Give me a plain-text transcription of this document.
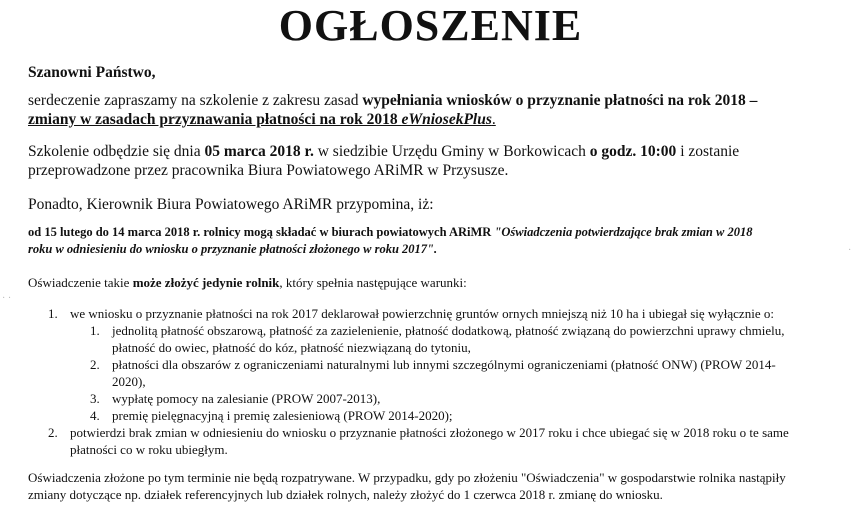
OGŁOSZENIE
Szanowni Państwo,
serdeczenie zapraszamy na szkolenie z zakresu zasad wypełniania wniosków o przyznanie płatności na rok 2018 –
zmiany w zasadach przyznawania płatności na rok 2018 eWniosekPlus.
Szkolenie odbędzie się dnia 05 marca 2018 r. w siedzibie Urzędu Gminy w Borkowicach o godz. 10:00 i zostanie
przeprowadzone przez pracownika Biura Powiatowego ARiMR w Przysusze.
Ponadto, Kierownik Biura Powiatowego ARiMR przypomina, iż:
od 15 lutego do 14 marca 2018 r. rolnicy mogą składać w biurach powiatowych ARiMR "Oświadczenia potwierdzające brak zmian w 2018
roku w odniesieniu do wniosku o przyznanie płatności złożonego w roku 2017".
Oświadczenie takie może złożyć jedynie rolnik, który spełnia następujące warunki:
1. we wniosku o przyznanie płatności na rok 2017 deklarował powierzchnię gruntów ornych mniejszą niż 10 ha i ubiegał się wyłącznie o:
1. jednolitą płatność obszarową, płatność za zazielenienie, płatność dodatkową, płatność związaną do powierzchni uprawy chmielu,
płatność do owiec, płatność do kóz, płatność niezwiązaną do tytoniu,
2. płatności dla obszarów z ograniczeniami naturalnymi lub innymi szczególnymi ograniczeniami (płatność ONW) (PROW 2014-
2020),
3. wypłatę pomocy na zalesianie (PROW 2007-2013),
4. premię pielęgnacyjną i premię zalesieniową (PROW 2014-2020);
2. potwierdzi brak zmian w odniesieniu do wniosku o przyznanie płatności złożonego w 2017 roku i chce ubiegać się w 2018 roku o te same
płatności co w roku ubiegłym.
Oświadczenia złożone po tym terminie nie będą rozpatrywane. W przypadku, gdy po złożeniu "Oświadczenia" w gospodarstwie rolnika nastąpiły
zmiany dotyczące np. działek referencyjnych lub działek rolnych, należy złożyć do 1 czerwca 2018 r. zmianę do wniosku.
· ·
·
